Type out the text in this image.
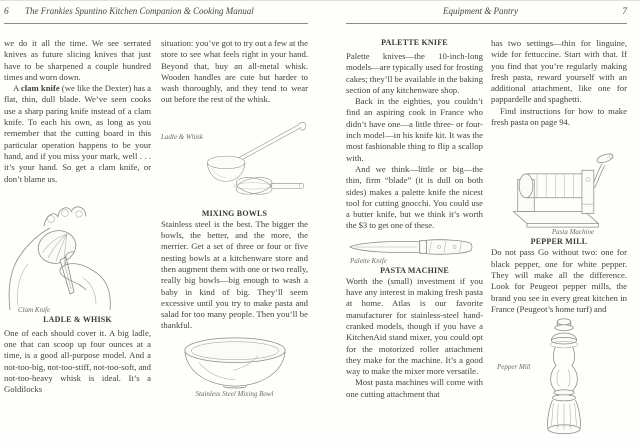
6	The Frankies Spuntino Kitchen Companion & Cooking Manual

we do it all the time. We see serrated knives as future slicing knives that just have to be sharpened a couple hundred times and worn down.

A clam knife (we like the Dexter) has a flat, thin, dull blade. We’ve seen cooks use a sharp paring knife instead of a clam knife. To each his own, as long as you remember that the cutting board in this particular operation happens to be your hand, and if you miss your mark, well . . . it’s your hand. So get a clam knife, or don’t blame us.

Clam Knife
LADLE & WHISK

One of each should cover it. A big ladle, one that can scoop up four ounces at a time, is a good all-purpose model. And a not-too-big, not-too-stiff, not-too-soft, and not-too-heavy whisk is ideal. It’s a Goldilocks

situation: you’ve got to try out a few at the store to see what feels right in your hand. Beyond that, buy an all-metal whisk. Wooden handles are cute but harder to wash thoroughly, and they tend to wear out before the rest of the whisk.

Ladle & Whisk
MIXING BOWLS

Stainless steel is the best. The bigger the bowls, the better, and the more, the merrier. Get a set of three or four or five nesting bowls at a kitchenware store and then augment them with one or two really, really big bowls—big enough to wash a baby in kind of big. They’ll seem excessive until you try to make pasta and salad for too many people. Then you’ll be thankful.

Stainless Steel Mixing Bowl
Equipment & Pantry	7
PALETTE KNIFE

Palette knives—the 10-inch-long models—are typically used for frosting cakes; they’ll be available in the baking section of any kitchenware shop.

Back in the eighties, you couldn’t find an aspiring cook in France who didn’t have one—a little three- or four-inch model—in his knife kit. It was the most fashionable thing to flip a scallop with.

And we think—little or big—the thin, firm “blade” (it is dull on both sides) makes a palette knife the nicest tool for cutting gnocchi. You could use a butter knife, but we think it’s worth the $3 to get one of these.

Palette Knife
PASTA MACHINE

Worth the (small) investment if you have any interest in making fresh pasta at home. Atlas is our favorite manufacturer for stainless-steel hand-cranked models, though if you have a KitchenAid stand mixer, you could opt for the motorized roller attachment they make for the machine. It’s a good way to make the mixer more versatile.

Most pasta machines will come with one cutting attachment that

has two settings—thin for linguine, wide for fettuccine. Start with that. If you find that you’re regularly making fresh pasta, reward yourself with an additional attachment, like one for pappardelle and spaghetti.

Find instructions for how to make fresh pasta on page 94.

Pasta Machine
PEPPER MILL

Do not pass Go without two: one for black pepper, one for white pepper. They will make all the difference. Look for Peugeot pepper mills, the brand you see in every great kitchen in France (Peugeot’s home turf) and

Pepper Mill
